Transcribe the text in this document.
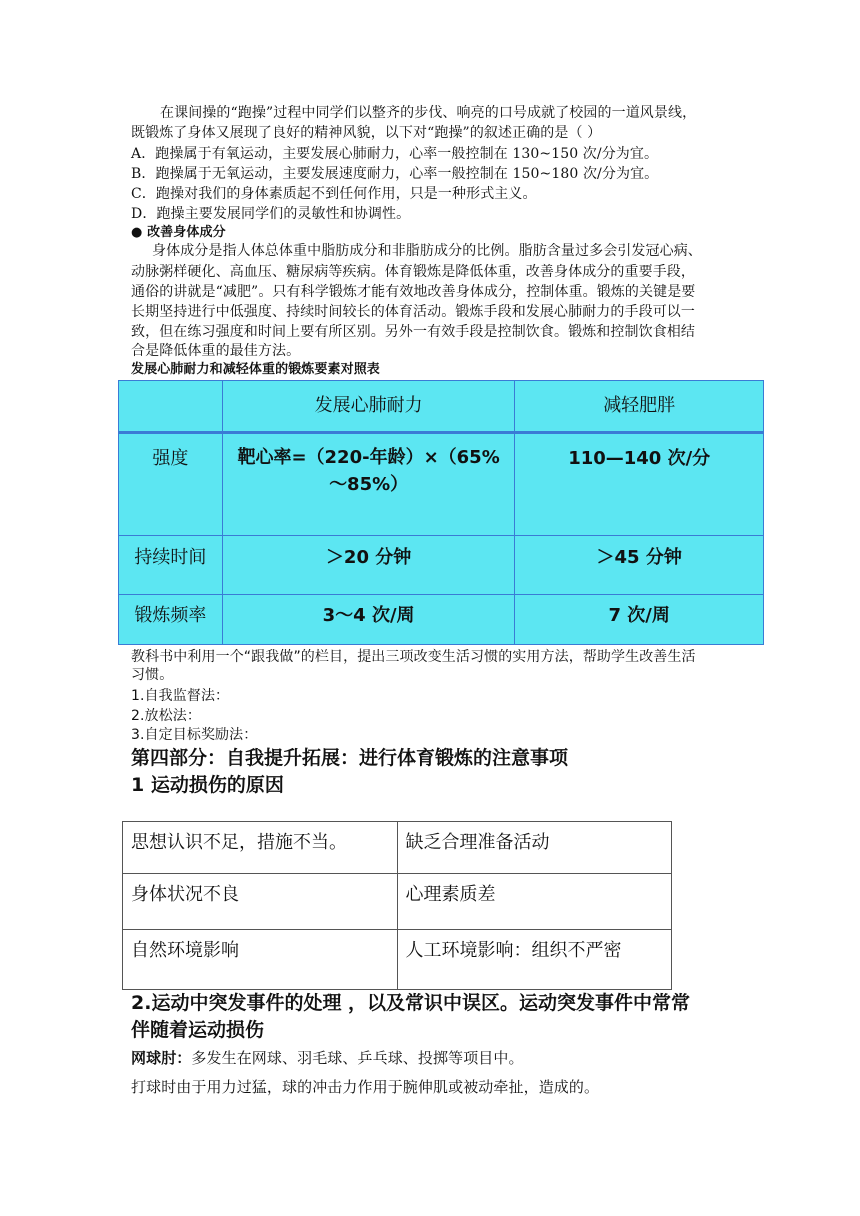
在课间操的“跑操”过程中同学们以整齐的步伐、响亮的口号成就了校园的一道风景线，
既锻炼了身体又展现了良好的精神风貌，以下对“跑操”的叙述正确的是（ ）
A．跑操属于有氧运动，主要发展心肺耐力，心率一般控制在 130~150 次/分为宜。
B．跑操属于无氧运动，主要发展速度耐力，心率一般控制在 150~180 次/分为宜。
C．跑操对我们的身体素质起不到任何作用，只是一种形式主义。
D．跑操主要发展同学们的灵敏性和协调性。
● 改善身体成分
身体成分是指人体总体重中脂肪成分和非脂肪成分的比例。脂肪含量过多会引发冠心病、
动脉粥样硬化、高血压、糖尿病等疾病。体育锻炼是降低体重，改善身体成分的重要手段，
通俗的讲就是“减肥”。只有科学锻炼才能有效地改善身体成分，控制体重。锻炼的关键是要
长期坚持进行中低强度、持续时间较长的体育活动。锻炼手段和发展心肺耐力的手段可以一
致，但在练习强度和时间上要有所区别。另外一有效手段是控制饮食。锻炼和控制饮食相结
合是降低体重的最佳方法。
发展心肺耐力和减轻体重的锻炼要素对照表

	发展心肺耐力	减轻肥胖

强度	靶心率=（220-年龄）×（65%～85%）	110—140 次/分

持续时间	＞20 分钟	＞45 分钟

锻炼频率	3～4 次/周	7 次/周
教科书中利用一个“跟我做”的栏目，提出三项改变生活习惯的实用方法，帮助学生改善生活
习惯。
1.自我监督法：
2.放松法：
3.自定目标奖励法：
第四部分：自我提升拓展：进行体育锻炼的注意事项
1 运动损伤的原因
思想认识不足，措施不当。	缺乏合理准备活动
身体状况不良	心理素质差
自然环境影响	人工环境影响：组织不严密
2.运动中突发事件的处理 ，以及常识中误区。运动突发事件中常常
伴随着运动损伤
网球肘：多发生在网球、羽毛球、乒乓球、投掷等项目中。
打球时由于用力过猛，球的冲击力作用于腕伸肌或被动牵扯，造成的。
